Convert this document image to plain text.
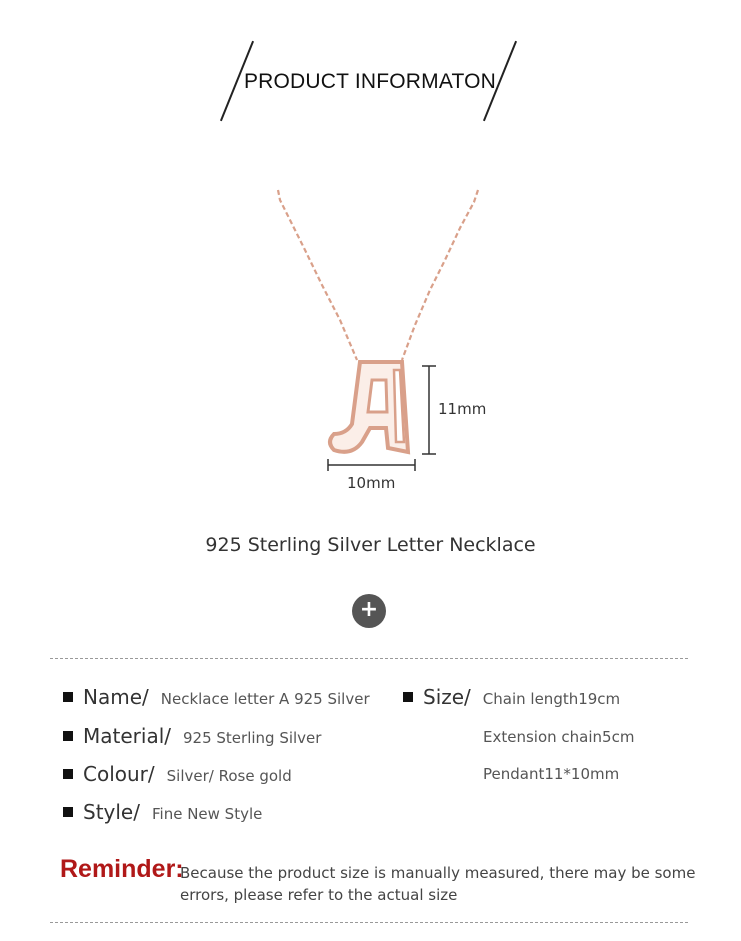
PRODUCT INFORMATON
11mm
10mm
925 Sterling Silver Letter Necklace
+
Name/ Necklace letter A 925 Silver
Material/ 925 Sterling Silver
Colour/ Silver/ Rose gold
Style/ Fine New Style
Size/ Chain length19cm
Extension chain5cm
Pendant11*10mm
Reminder:
Because the product size is manually measured, there may be some errors, please refer to the actual size
